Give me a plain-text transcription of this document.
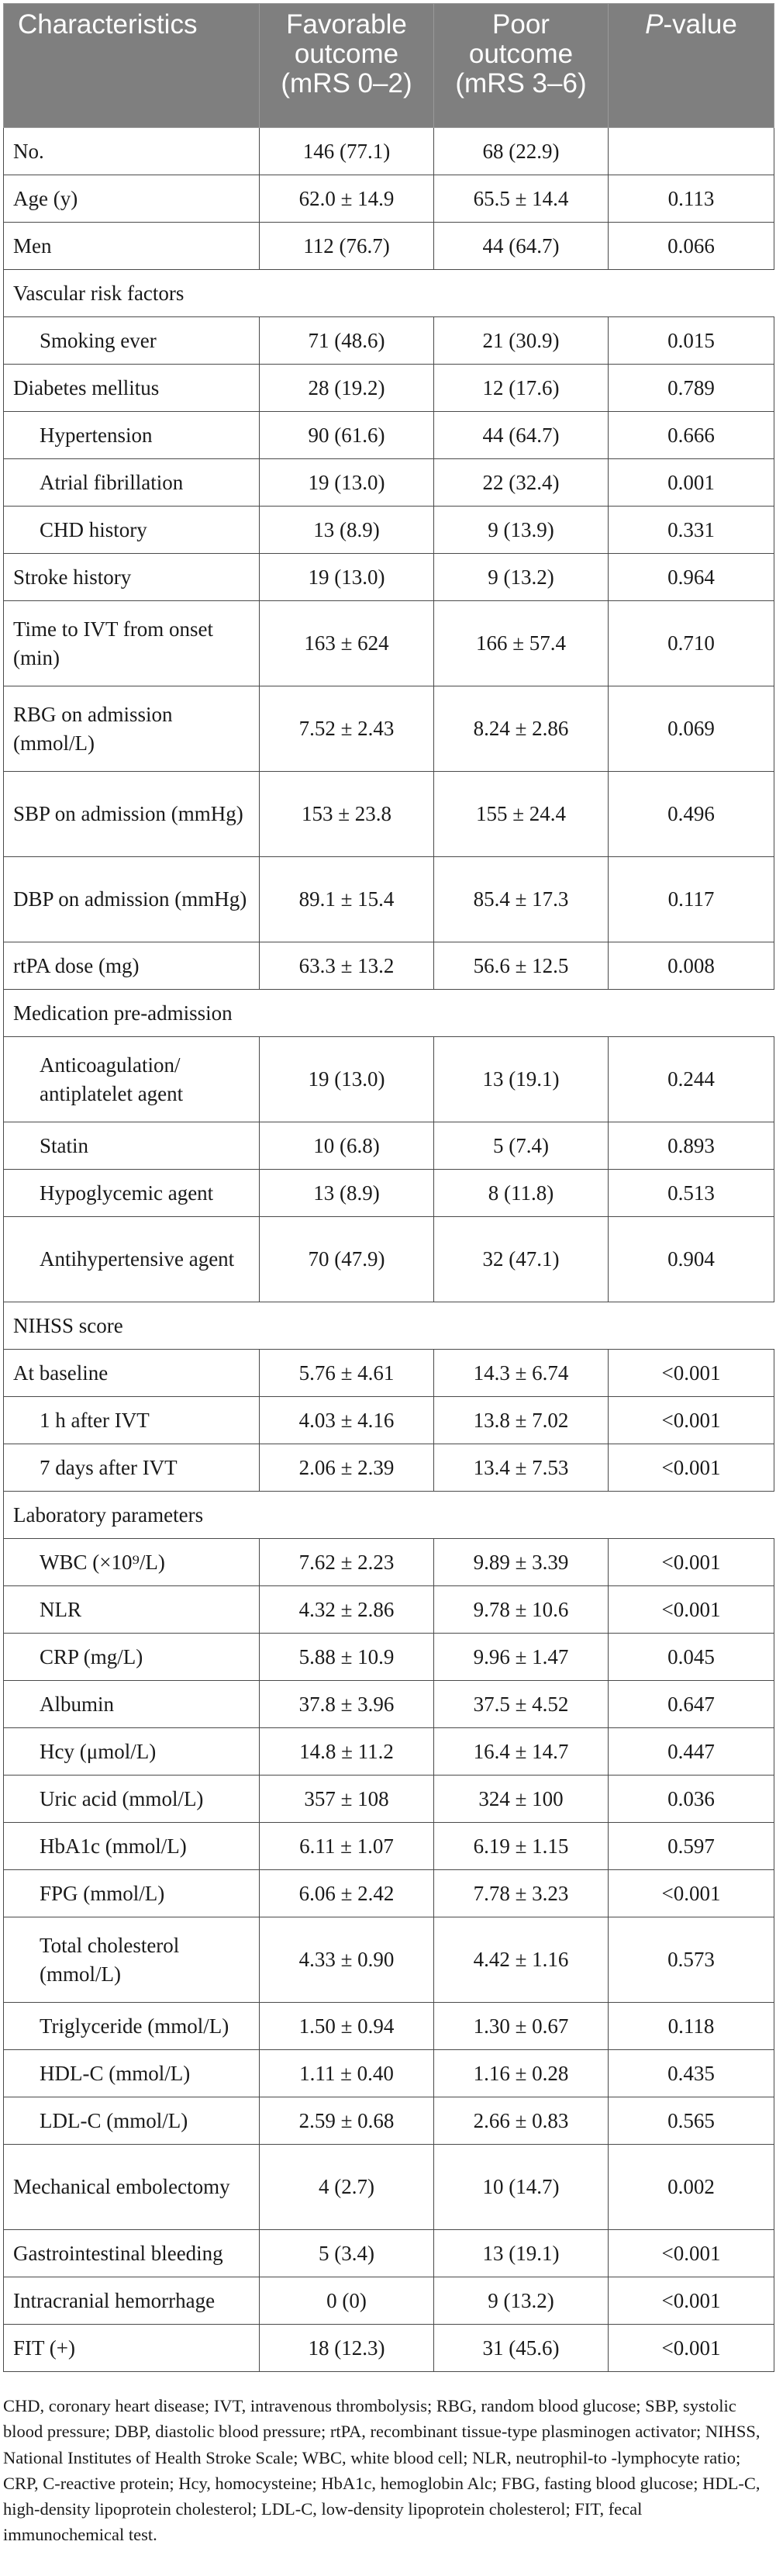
Characteristics	Favorable outcome (mRS 0–2)	Poor outcome (mRS 3–6)	P-value
No.	146 (77.1)	68 (22.9)	
Age (y)	62.0 ± 14.9	65.5 ± 14.4	0.113
Men	112 (76.7)	44 (64.7)	0.066
Vascular risk factors			
Smoking ever	71 (48.6)	21 (30.9)	0.015
Diabetes mellitus	28 (19.2)	12 (17.6)	0.789
Hypertension	90 (61.6)	44 (64.7)	0.666
Atrial fibrillation	19 (13.0)	22 (32.4)	0.001
CHD history	13 (8.9)	9 (13.9)	0.331
Stroke history	19 (13.0)	9 (13.2)	0.964
Time to IVT from onset (min)	163 ± 624	166 ± 57.4	0.710
RBG on admission (mmol/L)	7.52 ± 2.43	8.24 ± 2.86	0.069
SBP on admission (mmHg)	153 ± 23.8	155 ± 24.4	0.496
DBP on admission (mmHg)	89.1 ± 15.4	85.4 ± 17.3	0.117
rtPA dose (mg)	63.3 ± 13.2	56.6 ± 12.5	0.008
Medication pre-admission			
Anticoagulation/ antiplatelet agent	19 (13.0)	13 (19.1)	0.244
Statin	10 (6.8)	5 (7.4)	0.893
Hypoglycemic agent	13 (8.9)	8 (11.8)	0.513
Antihypertensive agent	70 (47.9)	32 (47.1)	0.904
NIHSS score			
At baseline	5.76 ± 4.61	14.3 ± 6.74	<0.001
1 h after IVT	4.03 ± 4.16	13.8 ± 7.02	<0.001
7 days after IVT	2.06 ± 2.39	13.4 ± 7.53	<0.001
Laboratory parameters			
WBC (×10⁹/L)	7.62 ± 2.23	9.89 ± 3.39	<0.001
NLR	4.32 ± 2.86	9.78 ± 10.6	<0.001
CRP (mg/L)	5.88 ± 10.9	9.96 ± 1.47	0.045
Albumin	37.8 ± 3.96	37.5 ± 4.52	0.647
Hcy (μmol/L)	14.8 ± 11.2	16.4 ± 14.7	0.447
Uric acid (mmol/L)	357 ± 108	324 ± 100	0.036
HbA1c (mmol/L)	6.11 ± 1.07	6.19 ± 1.15	0.597
FPG (mmol/L)	6.06 ± 2.42	7.78 ± 3.23	<0.001
Total cholesterol (mmol/L)	4.33 ± 0.90	4.42 ± 1.16	0.573
Triglyceride (mmol/L)	1.50 ± 0.94	1.30 ± 0.67	0.118
HDL-C (mmol/L)	1.11 ± 0.40	1.16 ± 0.28	0.435
LDL-C (mmol/L)	2.59 ± 0.68	2.66 ± 0.83	0.565
Mechanical embolectomy	4 (2.7)	10 (14.7)	0.002
Gastrointestinal bleeding	5 (3.4)	13 (19.1)	<0.001
Intracranial hemorrhage	0 (0)	9 (13.2)	<0.001
FIT (+)	18 (12.3)	31 (45.6)	<0.001

CHD, coronary heart disease; IVT, intravenous thrombolysis; RBG, random blood glucose; SBP, systolic blood pressure; DBP, diastolic blood pressure; rtPA, recombinant tissue-type plasminogen activator; NIHSS, National Institutes of Health Stroke Scale; WBC, white blood cell; NLR, neutrophil-to -lymphocyte ratio; CRP, C-reactive protein; Hcy, homocysteine; HbA1c, hemoglobin Alc; FBG, fasting blood glucose; HDL-C, high-density lipoprotein cholesterol; LDL-C, low-density lipoprotein cholesterol; FIT, fecal immunochemical test.
